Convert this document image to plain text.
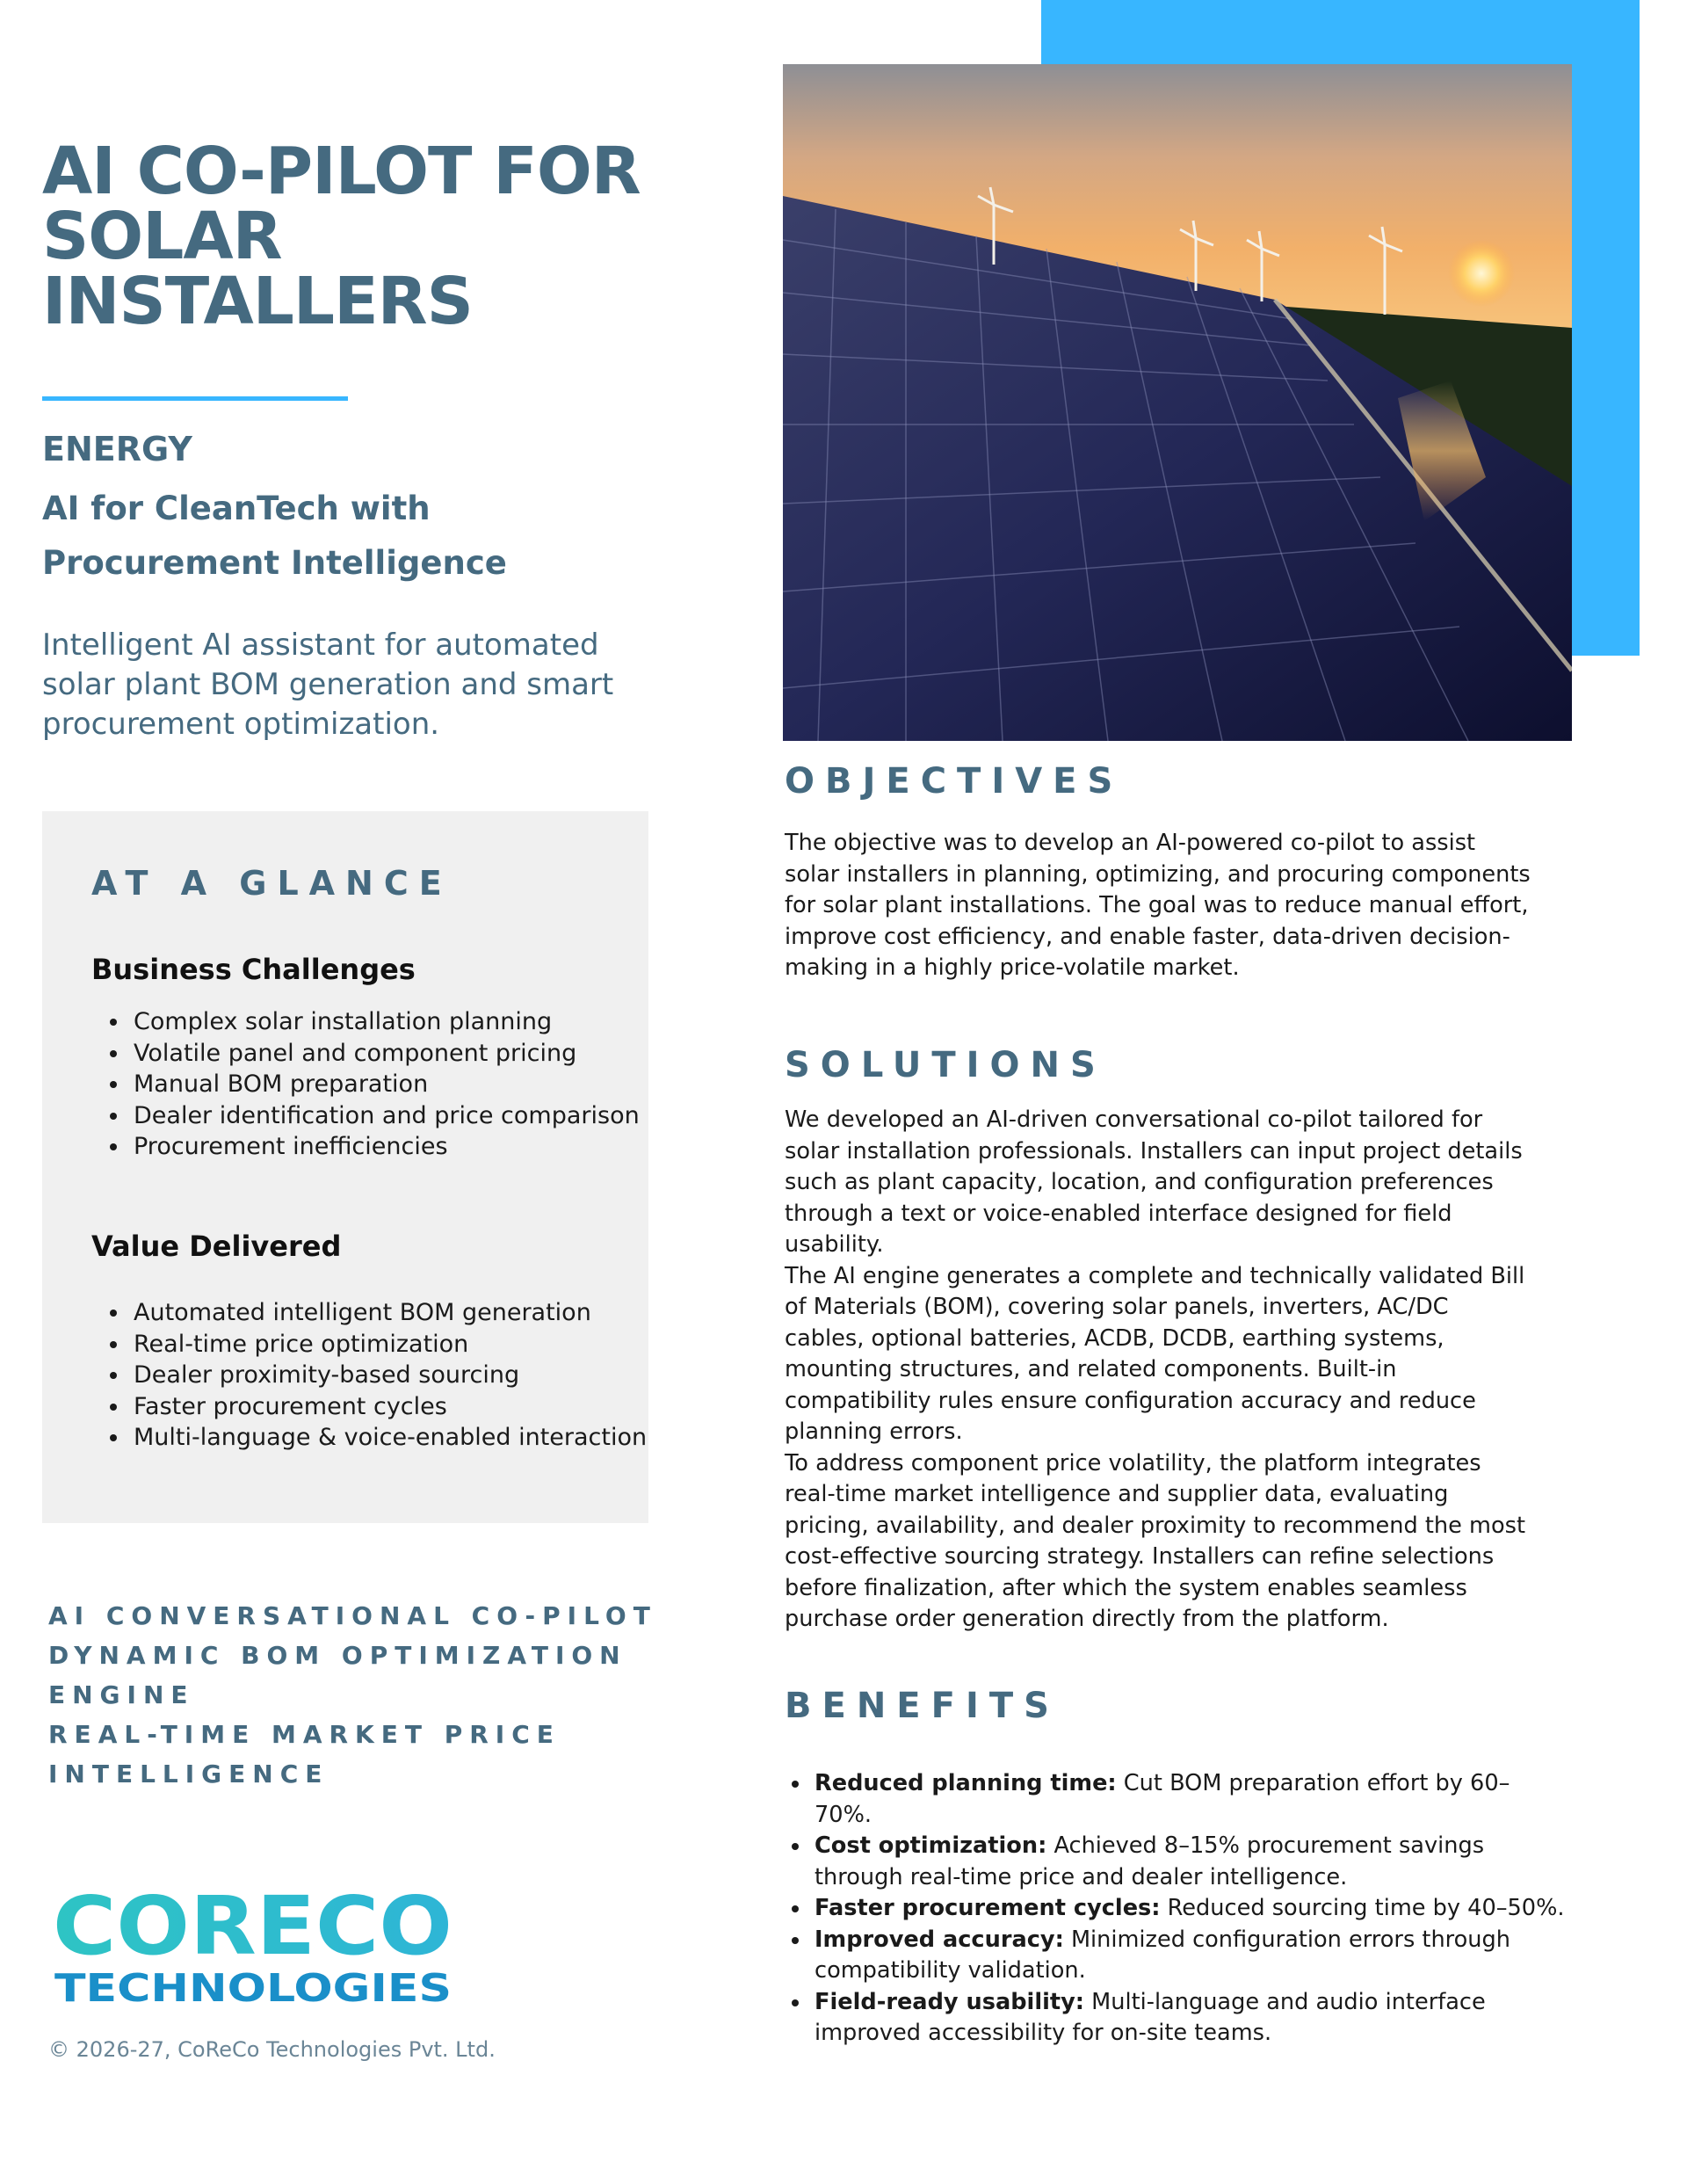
AI CO-PILOT FOR SOLAR INSTALLERS

ENERGY

AI for CleanTech with Procurement Intelligence

Intelligent AI assistant for automated solar plant BOM generation and smart procurement optimization.

AT A GLANCE
Business Challenges
• Complex solar installation planning
• Volatile panel and component pricing
• Manual BOM preparation
• Dealer identification and price comparison
• Procurement inefficiencies
Value Delivered
• Automated intelligent BOM generation
• Real-time price optimization
• Dealer proximity-based sourcing
• Faster procurement cycles
• Multi-language & voice-enabled interaction

AI CONVERSATIONAL CO-PILOT

DYNAMIC BOM OPTIMIZATION ENGINE

REAL-TIME MARKET PRICE INTELLIGENCE

CORECO
TECHNOLOGIES

© 2026-27, CoReCo Technologies Pvt. Ltd.

OBJECTIVES

The objective was to develop an AI-powered co-pilot to assist solar installers in planning, optimizing, and procuring components for solar plant installations. The goal was to reduce manual effort, improve cost efficiency, and enable faster, data-driven decision-making in a highly price-volatile market.

SOLUTIONS

We developed an AI-driven conversational co-pilot tailored for solar installation professionals. Installers can input project details such as plant capacity, location, and configuration preferences through a text or voice-enabled interface designed for field usability.

The AI engine generates a complete and technically validated Bill of Materials (BOM), covering solar panels, inverters, AC/DC cables, optional batteries, ACDB, DCDB, earthing systems, mounting structures, and related components. Built-in compatibility rules ensure configuration accuracy and reduce planning errors.

To address component price volatility, the platform integrates real-time market intelligence and supplier data, evaluating pricing, availability, and dealer proximity to recommend the most cost-effective sourcing strategy. Installers can refine selections before finalization, after which the system enables seamless purchase order generation directly from the platform.

BENEFITS
• Reduced planning time: Cut BOM preparation effort by 60–70%.
• Cost optimization: Achieved 8–15% procurement savings through real-time price and dealer intelligence.
• Faster procurement cycles: Reduced sourcing time by 40–50%.
• Improved accuracy: Minimized configuration errors through compatibility validation.
• Field-ready usability: Multi-language and audio interface improved accessibility for on-site teams.
